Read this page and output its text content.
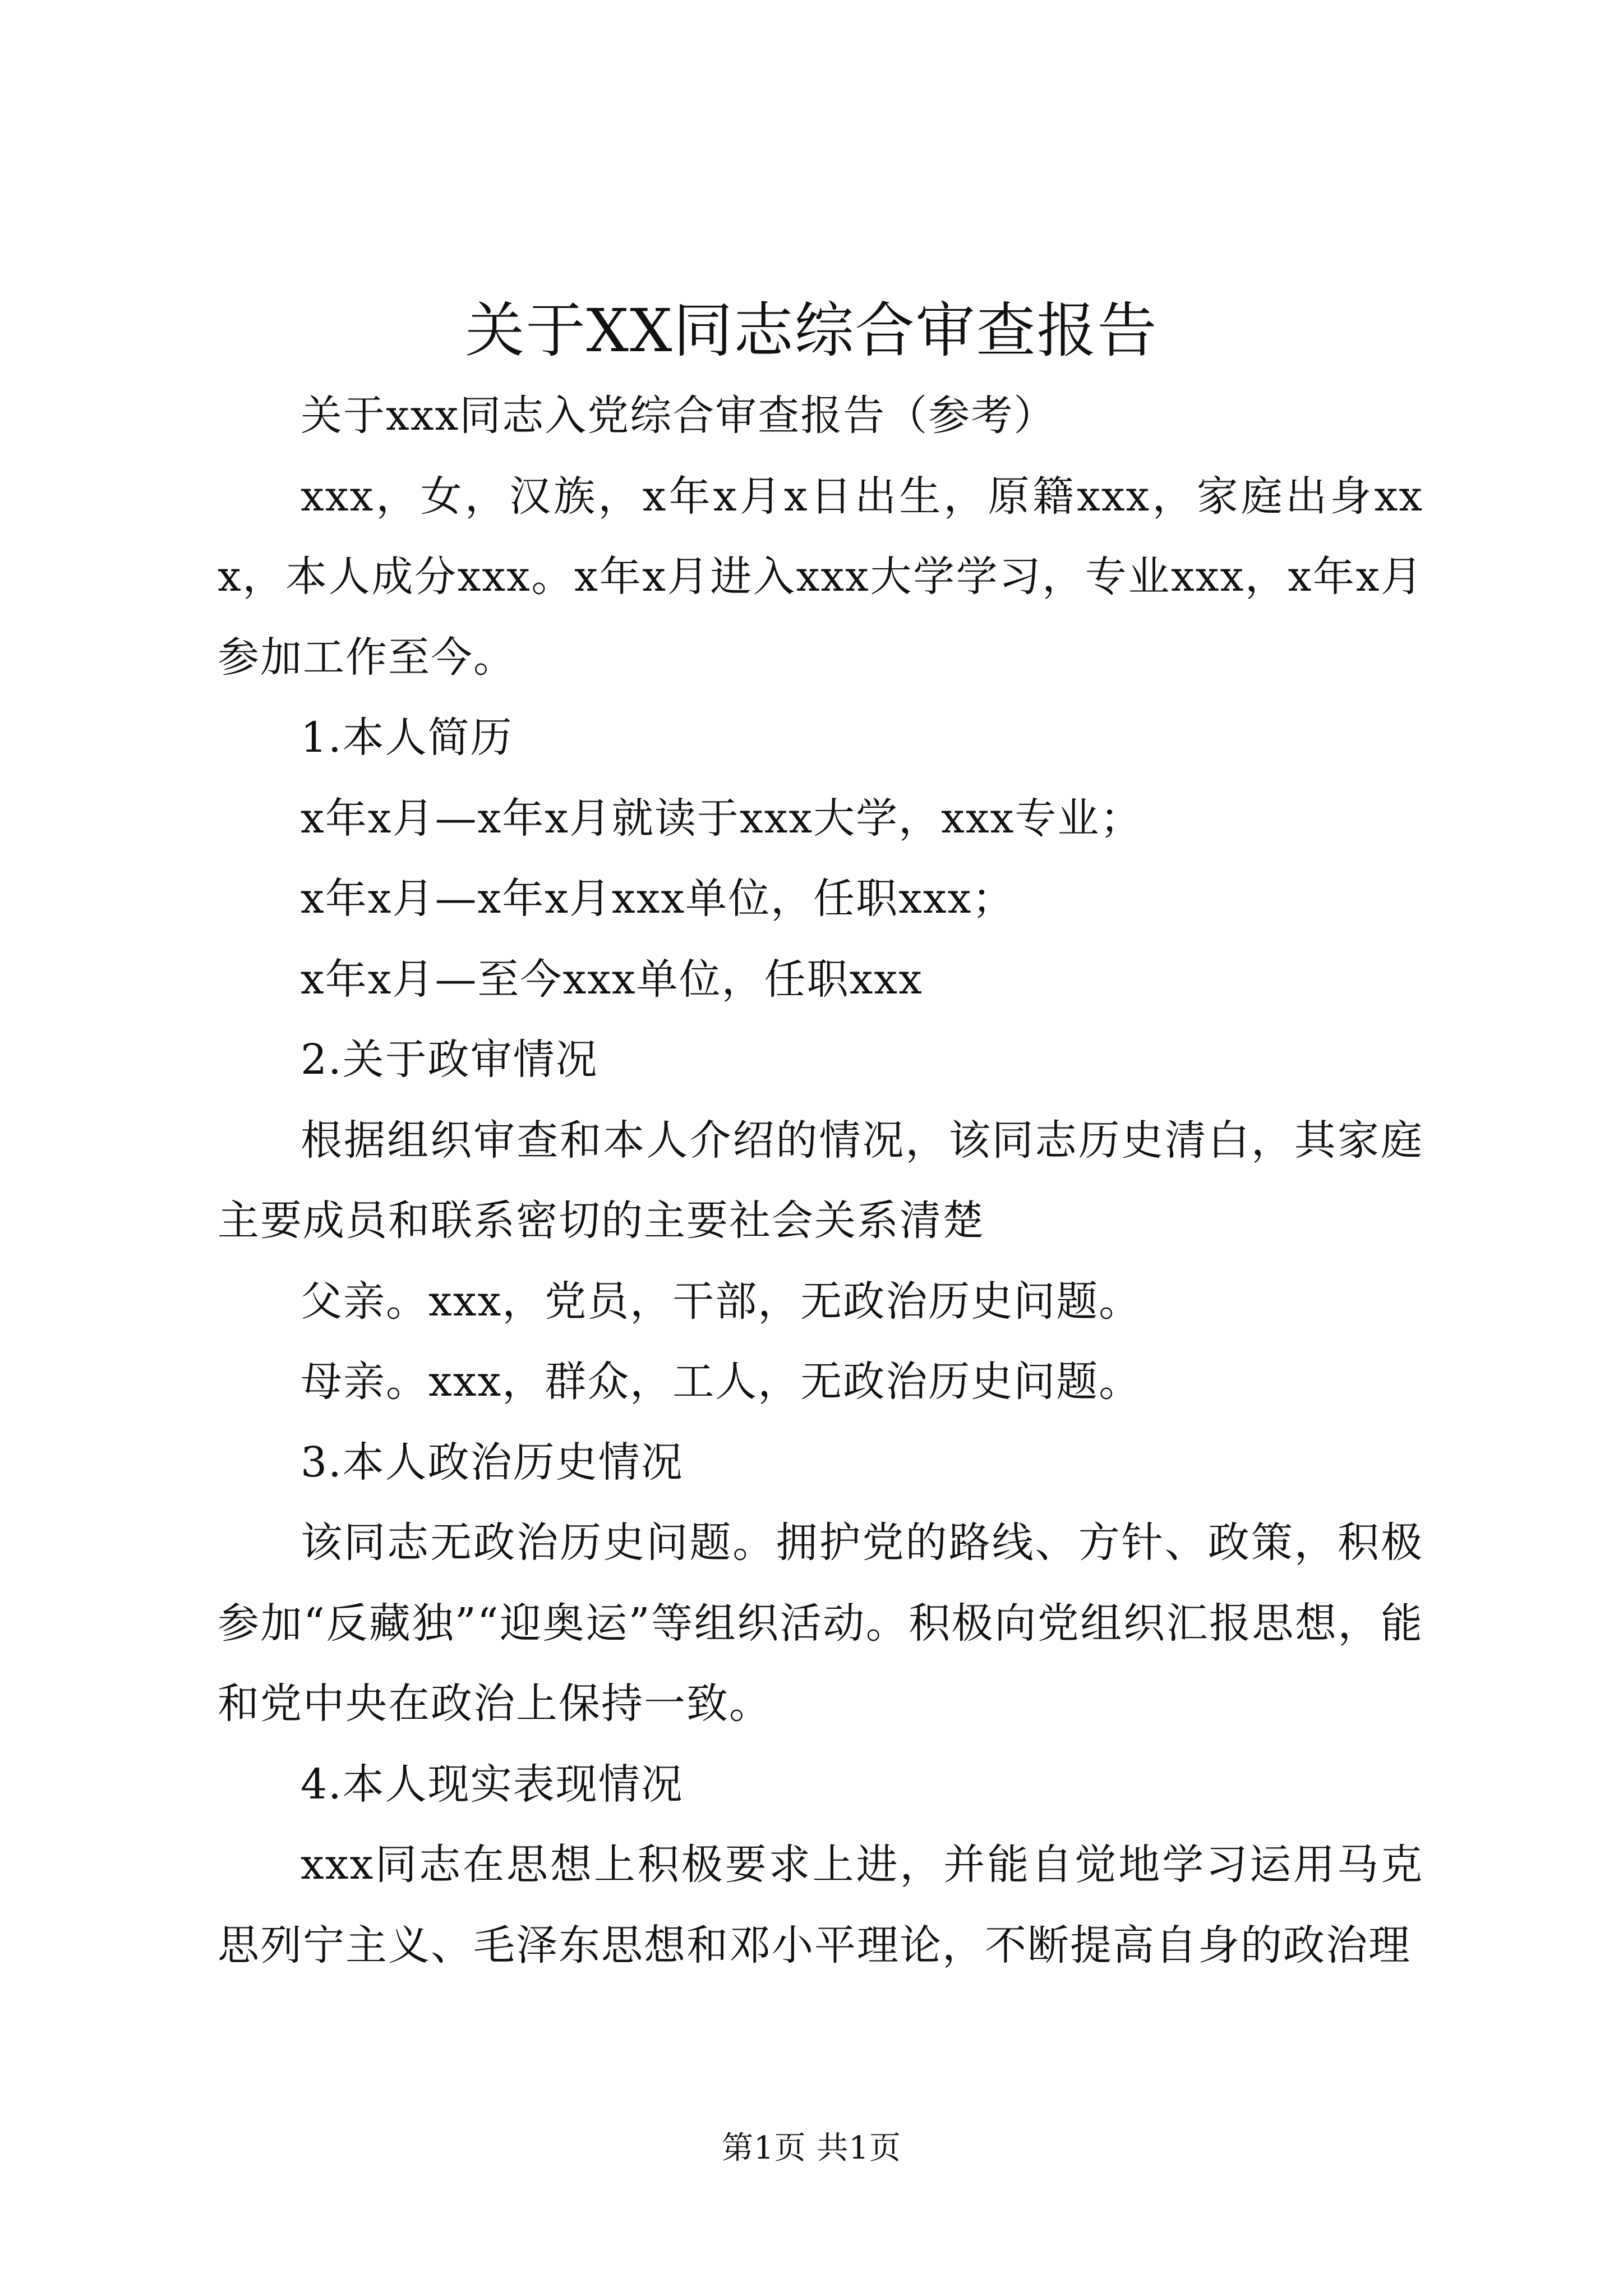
关于XX同志综合审查报告

关于xxx同志入党综合审查报告（参考）

xxx，女，汉族，x年x月x日出生，原籍xxx，家庭出身xxx，本人成分xxx。x年x月进入xxx大学学习，专业xxx，x年x月参加工作至今。

1.本人简历

x年x月—x年x月就读于xxx大学，xxx专业；

x年x月—x年x月xxx单位，任职xxx；

x年x月—至今xxx单位，任职xxx

2.关于政审情况

根据组织审查和本人介绍的情况，该同志历史清白，其家庭主要成员和联系密切的主要社会关系清楚

父亲。xxx，党员，干部，无政治历史问题。

母亲。xxx，群众，工人，无政治历史问题。

3.本人政治历史情况

该同志无政治历史问题。拥护党的路线、方针、政策，积极参加“反藏独”“迎奥运”等组织活动。积极向党组织汇报思想，能和党中央在政治上保持一致。

4.本人现实表现情况

xxx同志在思想上积极要求上进，并能自觉地学习运用马克思列宁主义、毛泽东思想和邓小平理论，不断提高自身的政治理

第1页 共1页
